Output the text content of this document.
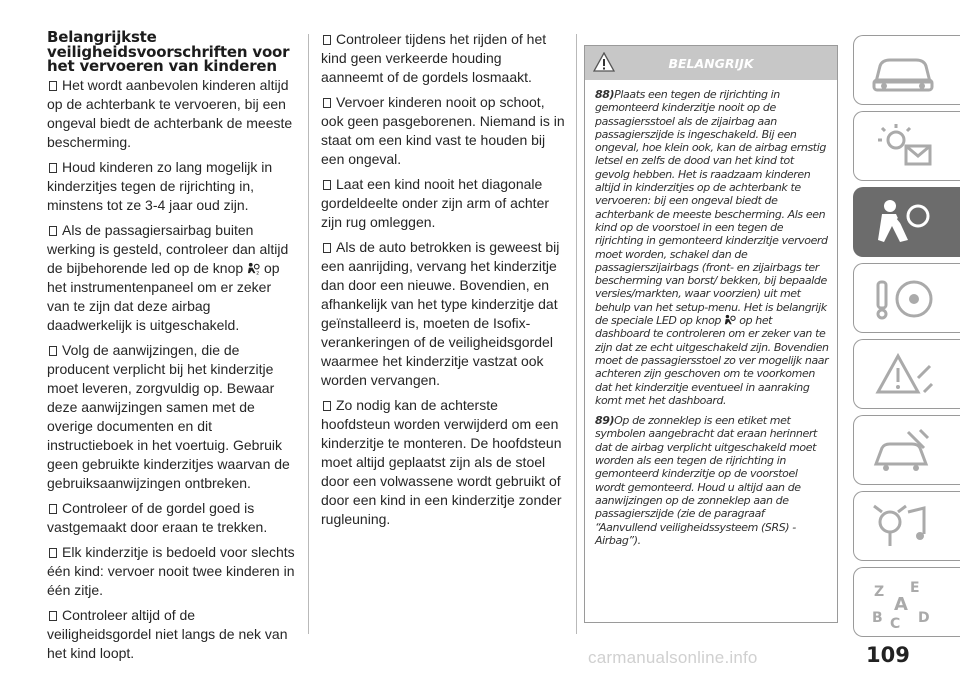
Belangrijkste veiligheidsvoorschriften voor het vervoeren van kinderen

Het wordt aanbevolen kinderen altijd op de achterbank te vervoeren, bij een ongeval biedt de achterbank de meeste bescherming.

Houd kinderen zo lang mogelijk in kinderzitjes tegen de rijrichting in, minstens tot ze 3-4 jaar oud zijn.

Als de passagiersairbag buiten werking is gesteld, controleer dan altijd de bijbehorende led op de knop	2 op het instrumentenpaneel om er zeker van te zijn dat deze airbag daadwerkelijk is uitgeschakeld.

Volg de aanwijzingen, die de producent verplicht bij het kinderzitje moet leveren, zorgvuldig op. Bewaar deze aanwijzingen samen met de overige documenten en dit instructieboek in het voertuig. Gebruik geen gebruikte kinderzitjes waarvan de gebruiksaanwijzingen ontbreken.

Controleer of de gordel goed is vastgemaakt door eraan te trekken.

Elk kinderzitje is bedoeld voor slechts één kind: vervoer nooit twee kinderen in één zitje.

Controleer altijd of de veiligheidsgordel niet langs de nek van het kind loopt.

Controleer tijdens het rijden of het kind geen verkeerde houding aanneemt of de gordels losmaakt.

Vervoer kinderen nooit op schoot, ook geen pasgeborenen. Niemand is in staat om een kind vast te houden bij een ongeval.

Laat een kind nooit het diagonale gordeldeelte onder zijn arm of achter zijn rug omleggen.

Als de auto betrokken is geweest bij een aanrijding, vervang het kinderzitje dan door een nieuwe. Bovendien, en afhankelijk van het type kinderzitje dat geïnstalleerd is, moeten de Isofix-verankeringen of de veiligheidsgordel waarmee het kinderzitje vastzat ook worden vervangen.

Zo nodig kan de achterste hoofdsteun worden verwijderd om een kinderzitje te monteren. De hoofdsteun moet altijd geplaatst zijn als de stoel door een volwassene wordt gebruikt of door een kind in een kinderzitje zonder rugleuning.

BELANGRIJK

88)Plaats een tegen de rijrichting in gemonteerd kinderzitje nooit op de passagiersstoel als de zijairbag aan passagierszijde is ingeschakeld. Bij een ongeval, hoe klein ook, kan de airbag ernstig letsel en zelfs de dood van het kind tot gevolg hebben. Het is raadzaam kinderen altijd in kinderzitjes op de achterbank te vervoeren: bij een ongeval biedt de achterbank de meeste bescherming. Als een kind op de voorstoel in een tegen de rijrichting in gemonteerd kinderzitje vervoerd moet worden, schakel dan de passagierszijairbags (front- en zijairbags ter bescherming van borst/ bekken, bij bepaalde versies/markten, waar voorzien) uit met behulp van het setup-menu. Het is belangrijk de speciale LED op knop op het dashboard te controleren om er zeker van te zijn dat ze echt uitgeschakeld zijn. Bovendien moet de passagiersstoel zo ver mogelijk naar achteren zijn geschoven om te voorkomen dat het kinderzitje eventueel in aanraking komt met het dashboard.

89)Op de zonneklep is een etiket met symbolen aangebracht dat eraan herinnert dat de airbag verplicht uitgeschakeld moet worden als een tegen de rijrichting in gemonteerd kinderzitje op de voorstoel wordt gemonteerd. Houd u altijd aan de aanwijzingen op de zonneklep aan de passagierszijde (zie de paragraaf “Aanvullend veiligheidssysteem (SRS) - Airbag”).

Z E
A
B C D
109
carmanualsonline.info
